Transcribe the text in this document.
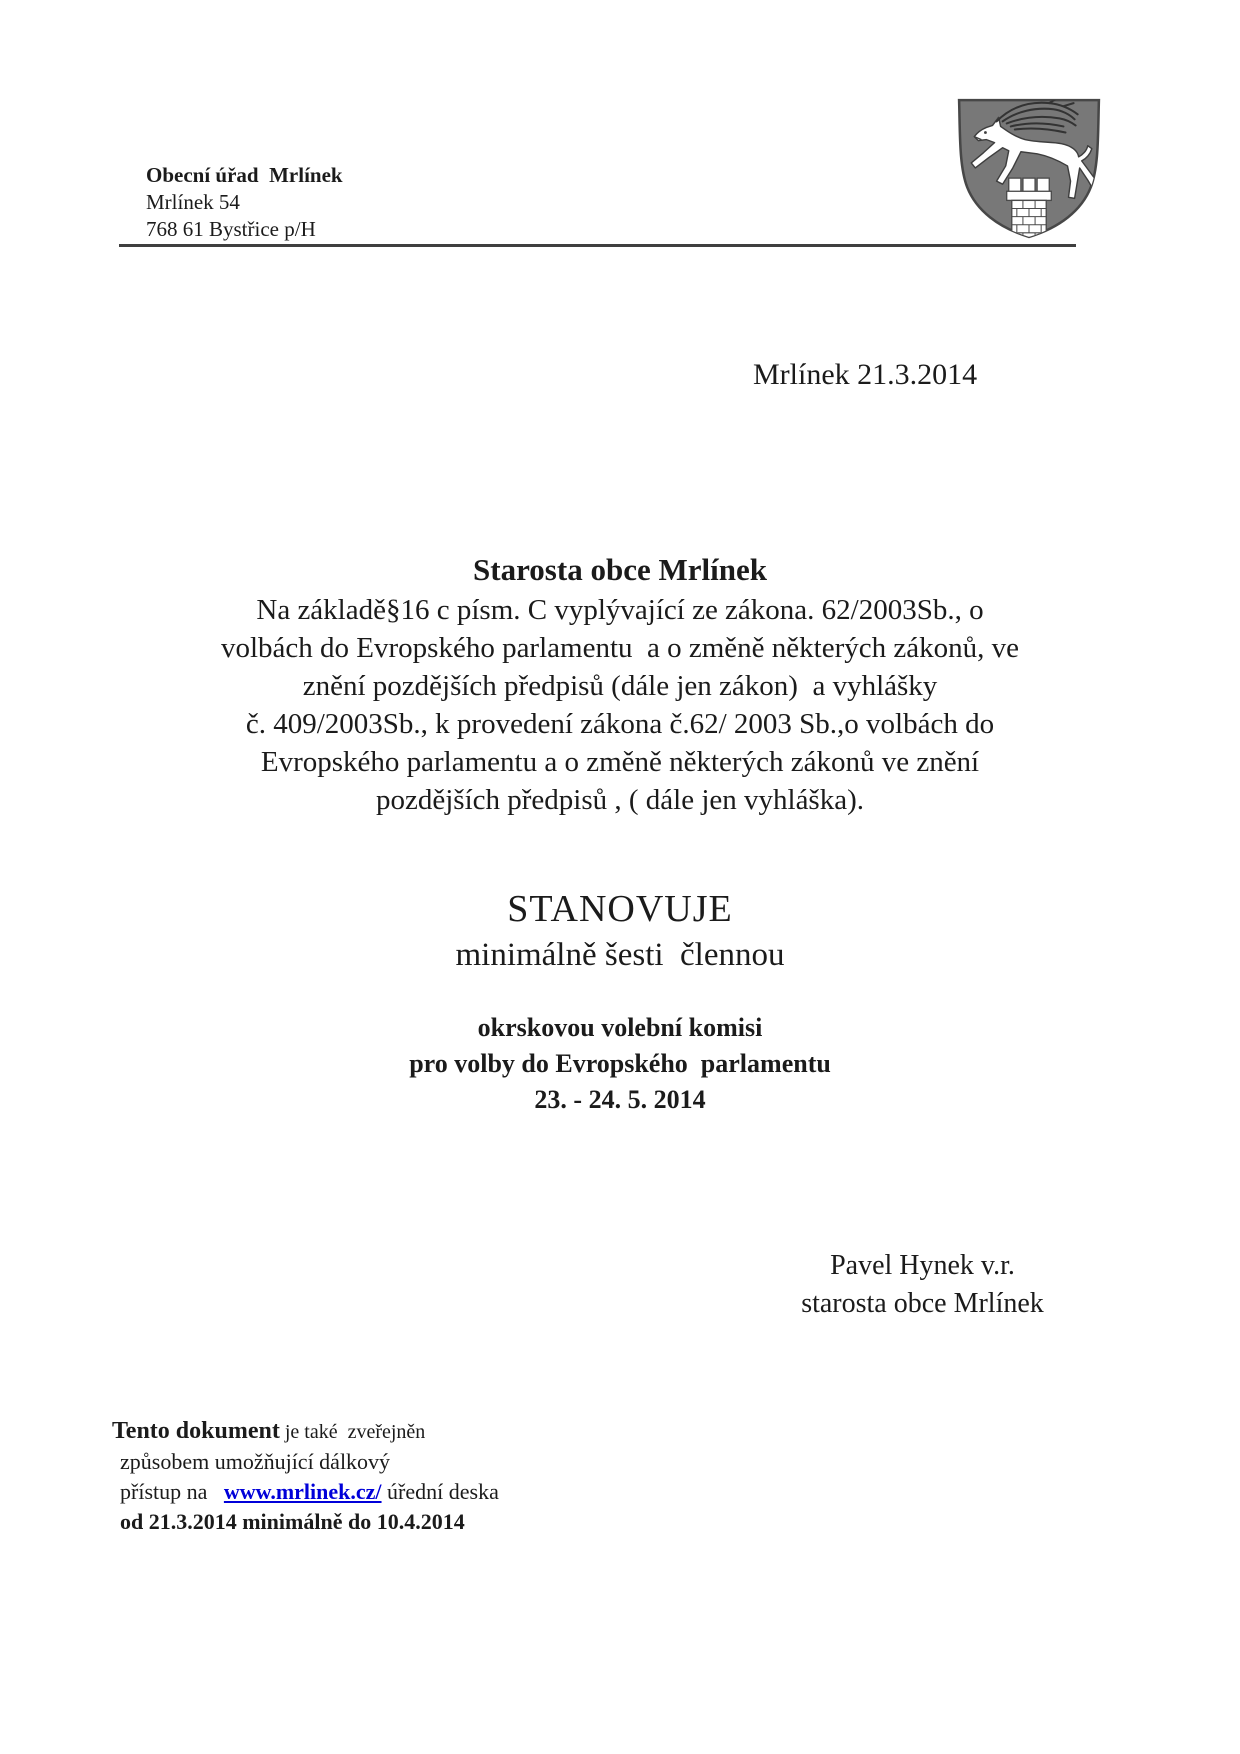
Obecní úřad  Mrlínek
Mrlínek 54
768 61 Bystřice p/H
Mrlínek 21.3.2014
Starosta obce Mrlínek
Na základě§16 c písm. C vyplývající ze zákona. 62/2003Sb., o
volbách do Evropského parlamentu  a o změně některých zákonů, ve
znění pozdějších předpisů (dále jen zákon)  a vyhlášky
č. 409/2003Sb., k provedení zákona č.62/ 2003 Sb.,o volbách do
Evropského parlamentu a o změně některých zákonů ve znění
pozdějších předpisů , ( dále jen vyhláška).
STANOVUJE
minimálně šesti  člennou
okrskovou volební komisi
pro volby do Evropského  parlamentu
23. - 24. 5. 2014
Pavel Hynek v.r.
starosta obce Mrlínek
Tento dokument je také  zveřejněn
způsobem umožňující dálkový
přístup na   www.mrlinek.cz/ úřední deska
od 21.3.2014 minimálně do 10.4.2014
